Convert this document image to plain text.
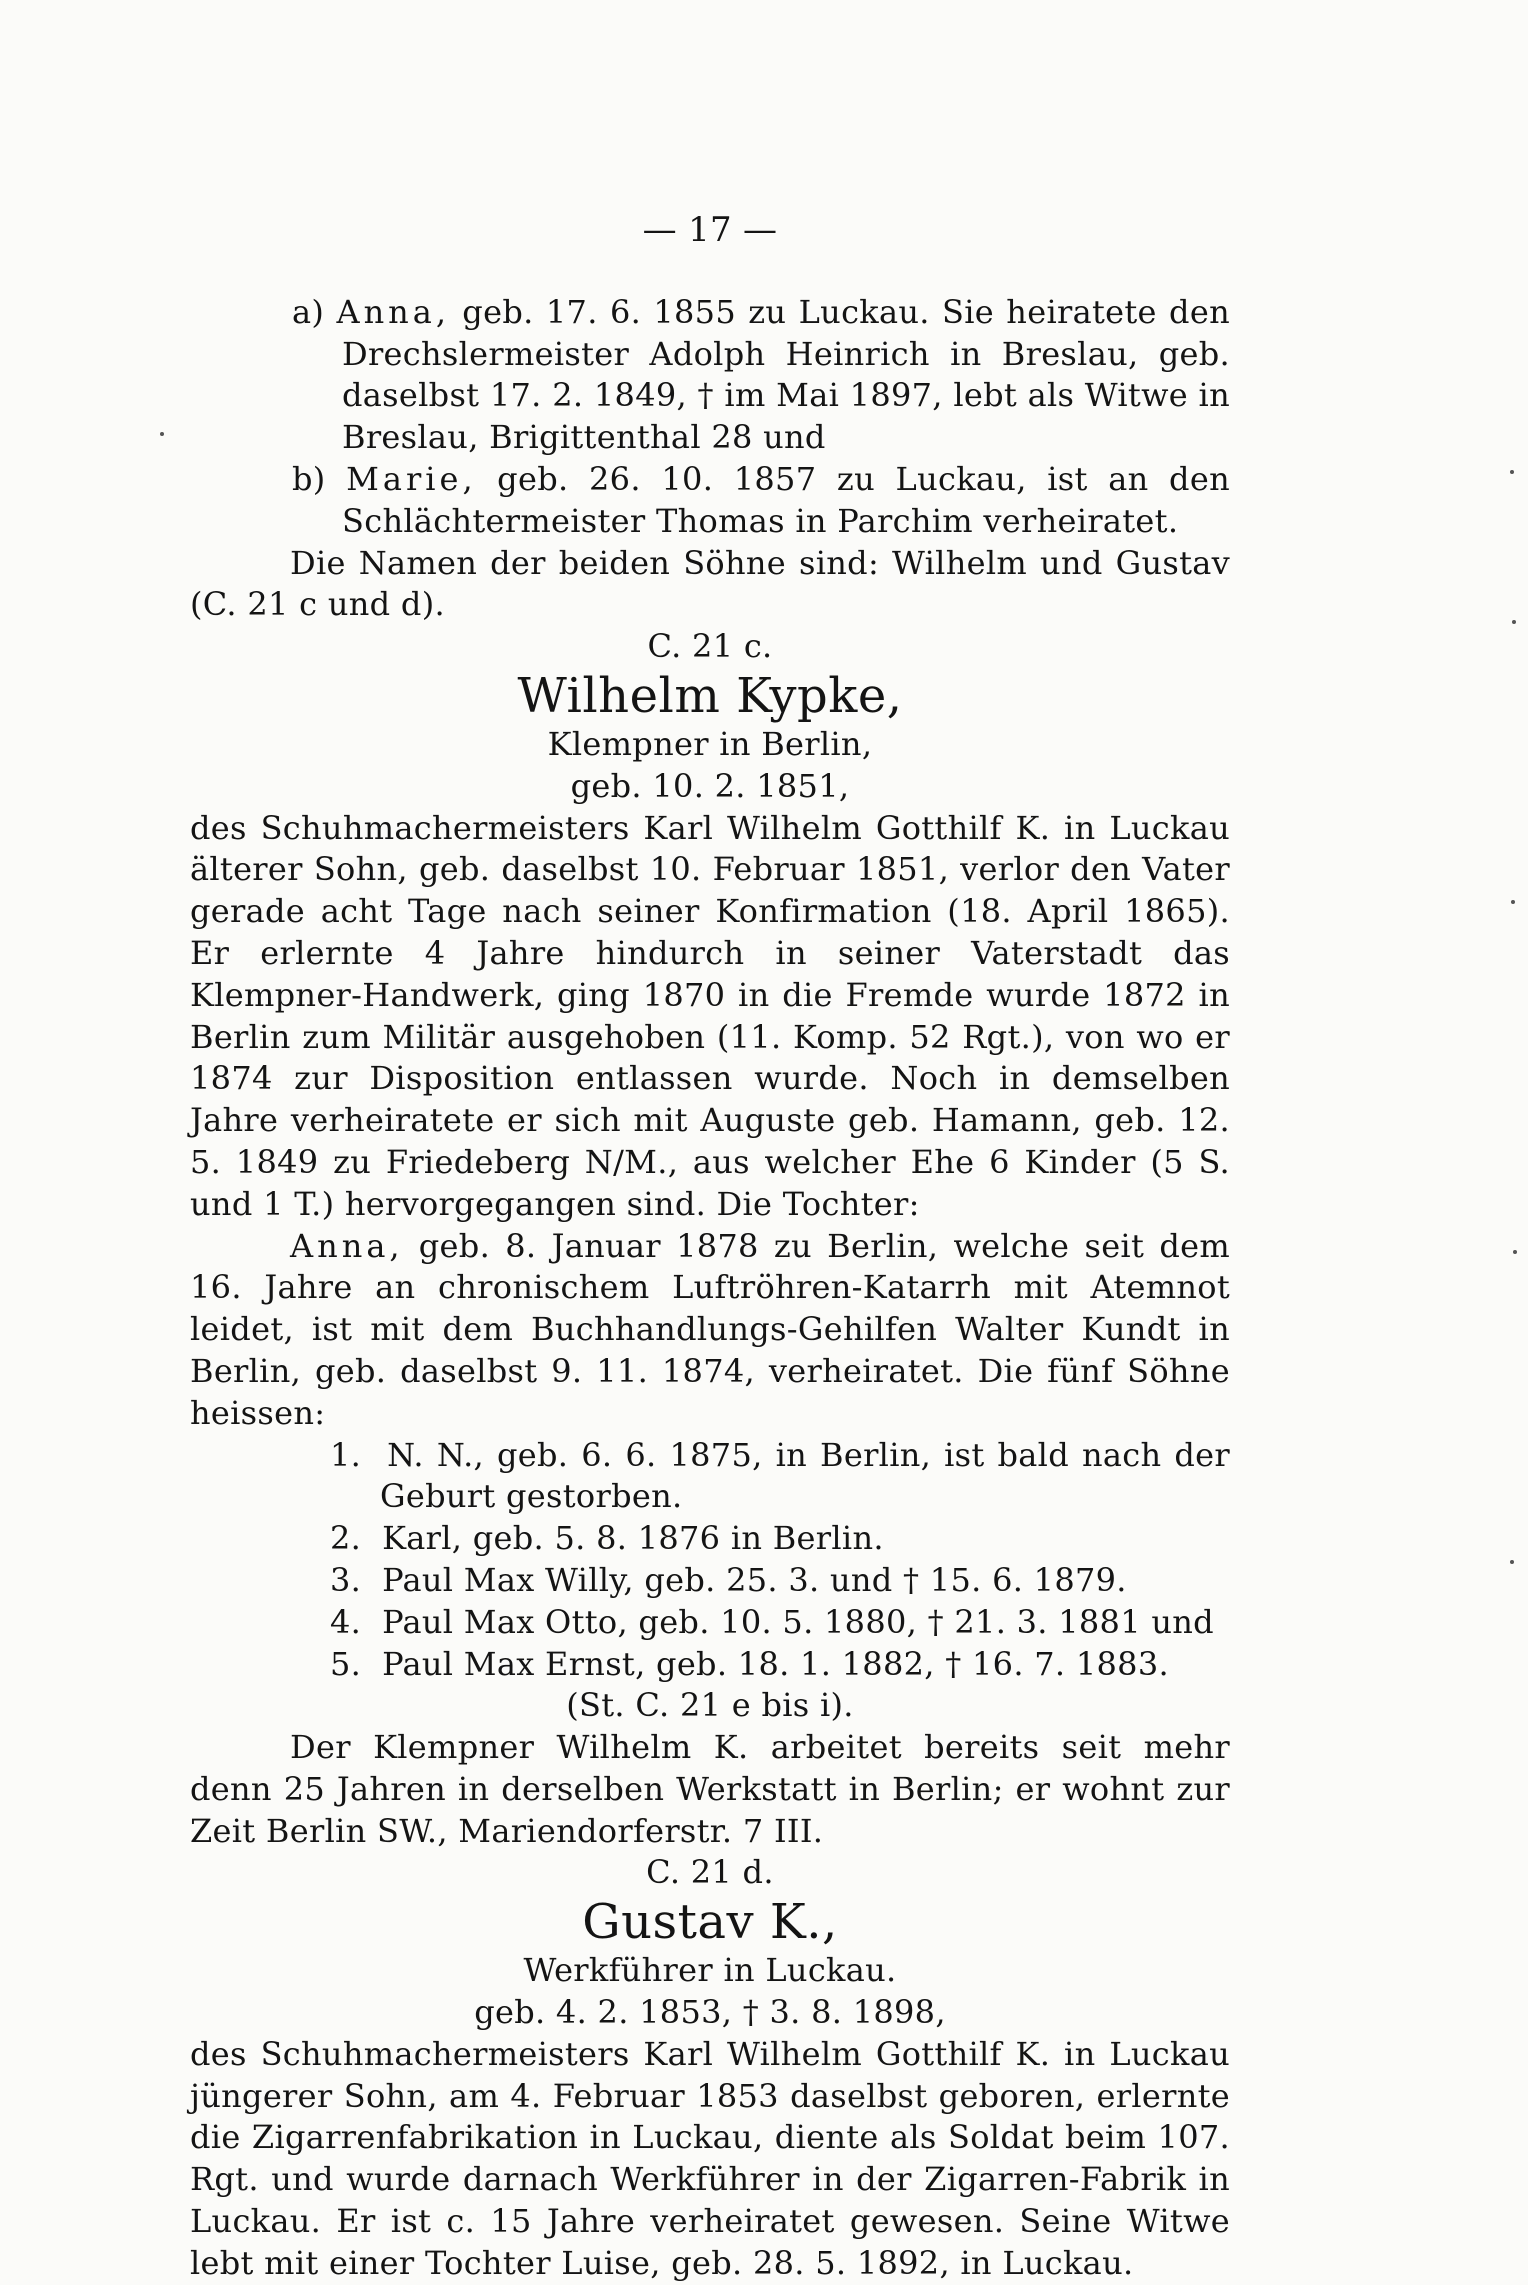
— 17 —

a) Anna, geb. 17. 6. 1855 zu Luckau. Sie heiratete den Drechslermeister Adolph Heinrich in Breslau, geb. daselbst 17. 2. 1849, † im Mai 1897, lebt als Witwe in Breslau, Brigittenthal 28 und

b) Marie, geb. 26. 10. 1857 zu Luckau, ist an den Schlächtermeister Thomas in Parchim verheiratet.

Die Namen der beiden Söhne sind: Wilhelm und Gustav (C. 21 c und d).

C. 21 c.

Wilhelm Kypke,

Klempner in Berlin,

geb. 10. 2. 1851,

des Schuhmachermeisters Karl Wilhelm Gotthilf K. in Luckau älterer Sohn, geb. daselbst 10. Februar 1851, verlor den Vater gerade acht Tage nach seiner Konfirmation (18. April 1865). Er erlernte 4 Jahre hindurch in seiner Vaterstadt das Klempner-Handwerk, ging 1870 in die Fremde wurde 1872 in Berlin zum Militär ausgehoben (11. Komp. 52 Rgt.), von wo er 1874 zur Disposition entlassen wurde. Noch in demselben Jahre verheiratete er sich mit Auguste geb. Hamann, geb. 12. 5. 1849 zu Friedeberg N/M., aus welcher Ehe 6 Kinder (5 S. und 1 T.) hervorgegangen sind. Die Tochter:

Anna, geb. 8. Januar 1878 zu Berlin, welche seit dem 16. Jahre an chronischem Luftröhren-Katarrh mit Atemnot leidet, ist mit dem Buchhandlungs-Gehilfen Walter Kundt in Berlin, geb. daselbst 9. 11. 1874, verheiratet. Die fünf Söhne heissen:

1. N. N., geb. 6. 6. 1875, in Berlin, ist bald nach der Geburt gestorben.

2. Karl, geb. 5. 8. 1876 in Berlin.

3. Paul Max Willy, geb. 25. 3. und † 15. 6. 1879.

4. Paul Max Otto, geb. 10. 5. 1880, † 21. 3. 1881 und

5. Paul Max Ernst, geb. 18. 1. 1882, † 16. 7. 1883.

(St. C. 21 e bis i).

Der Klempner Wilhelm K. arbeitet bereits seit mehr denn 25 Jahren in derselben Werkstatt in Berlin; er wohnt zur Zeit Berlin SW., Mariendorferstr. 7 III.

C. 21 d.

Gustav K.,

Werkführer in Luckau.

geb. 4. 2. 1853, † 3. 8. 1898,

des Schuhmachermeisters Karl Wilhelm Gotthilf K. in Luckau jüngerer Sohn, am 4. Februar 1853 daselbst geboren, erlernte die Zigarrenfabrikation in Luckau, diente als Soldat beim 107. Rgt. und wurde darnach Werkführer in der Zigarren-Fabrik in Luckau. Er ist c. 15 Jahre verheiratet gewesen. Seine Witwe lebt mit einer Tochter Luise, geb. 28. 5. 1892, in Luckau.
